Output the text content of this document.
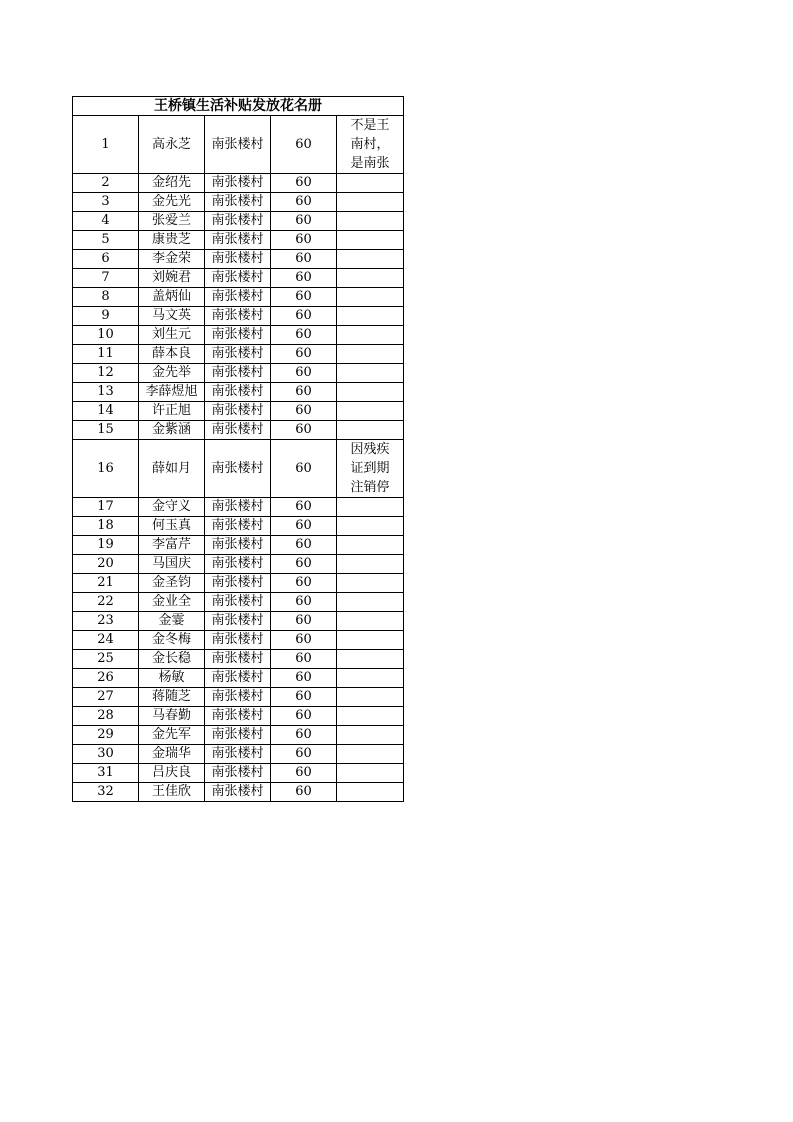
王桥镇生活补贴发放花名册				
1	高永芝	南张楼村	60	不是王
南村，
是南张

2	金绍先	南张楼村	60	
3	金先光	南张楼村	60	
4	张爱兰	南张楼村	60	
5	康贵芝	南张楼村	60	
6	李金荣	南张楼村	60	
7	刘婉君	南张楼村	60	
8	盖炳仙	南张楼村	60	
9	马文英	南张楼村	60	
10	刘生元	南张楼村	60	
11	薛本良	南张楼村	60	
12	金先举	南张楼村	60	
13	李薛煜旭	南张楼村	60	
14	许正旭	南张楼村	60	
15	金紫涵	南张楼村	60	
16	薛如月	南张楼村	60	因残疾
证到期
注销停

17	金守义	南张楼村	60	
18	何玉真	南张楼村	60	
19	李富芹	南张楼村	60	
20	马国庆	南张楼村	60	
21	金圣钧	南张楼村	60	
22	金业全	南张楼村	60	
23	金霎	南张楼村	60	
24	金冬梅	南张楼村	60	
25	金长稳	南张楼村	60	
26	杨敏	南张楼村	60	
27	蒋随芝	南张楼村	60	
28	马春勤	南张楼村	60	
29	金先军	南张楼村	60	
30	金瑞华	南张楼村	60	
31	吕庆良	南张楼村	60	
32	王佳欣	南张楼村	60	
